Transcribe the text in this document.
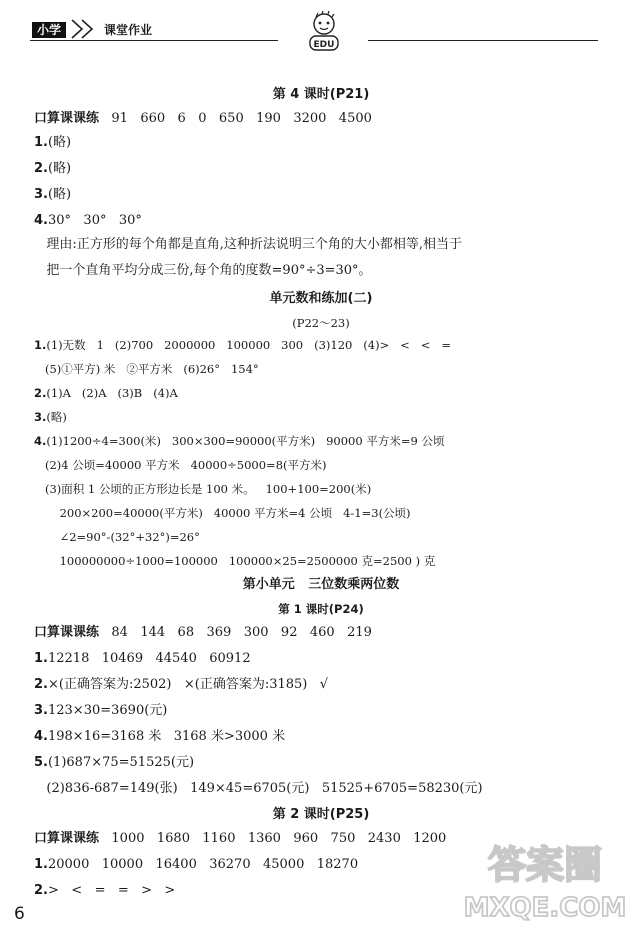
小学	课堂作业
EDU
第 4 课时(P21)
口算课课练   91   660   6   0   650   190   3200   4500
1.(略)
2.(略)
3.(略)
4.30°   30°   30°
理由:正方形的每个角都是直角,这种折法说明三个角的大小都相等,相当于
把一个直角平均分成三份,每个角的度数=90°÷3=30°。
单元数和练加(二)
(P22～23)
1.(1)无数   1   (2)700   2000000   100000   300   (3)120   (4)>   <   <   =
(5)①平方) 米   ②平方米   (6)26°   154°
2.(1)A   (2)A   (3)B   (4)A
3.(略)
4.(1)1200÷4=300(米)   300×300=90000(平方米)   90000 平方米=9 公顷
(2)4 公顷=40000 平方米   40000÷5000=8(平方米)
(3)面积 1 公顷的正方形边长是 100 米。   100+100=200(米)
200×200=40000(平方米)   40000 平方米=4 公顷   4-1=3(公顷)
∠2=90°-(32°+32°)=26°
100000000÷1000=100000   100000×25=2500000 克=2500 ) 克
第小单元   三位数乘两位数
第 1 课时(P24)
口算课课练   84   144   68   369   300   92   460   219
1.12218   10469   44540   60912
2.×(正确答案为:2502)   ×(正确答案为:3185)   √
3.123×30=3690(元)
4.198×16=3168 米   3168 米>3000 米
5.(1)687×75=51525(元)
(2)836-687=149(张)   149×45=6705(元)   51525+6705=58230(元)
第 2 课时(P25)
口算课课练   1000   1680   1160   1360   960   750   2430   1200
1.20000   10000   16400   36270   45000   18270
2.>   <   =   =   >   >
6
答案圈
MXQE.COM
